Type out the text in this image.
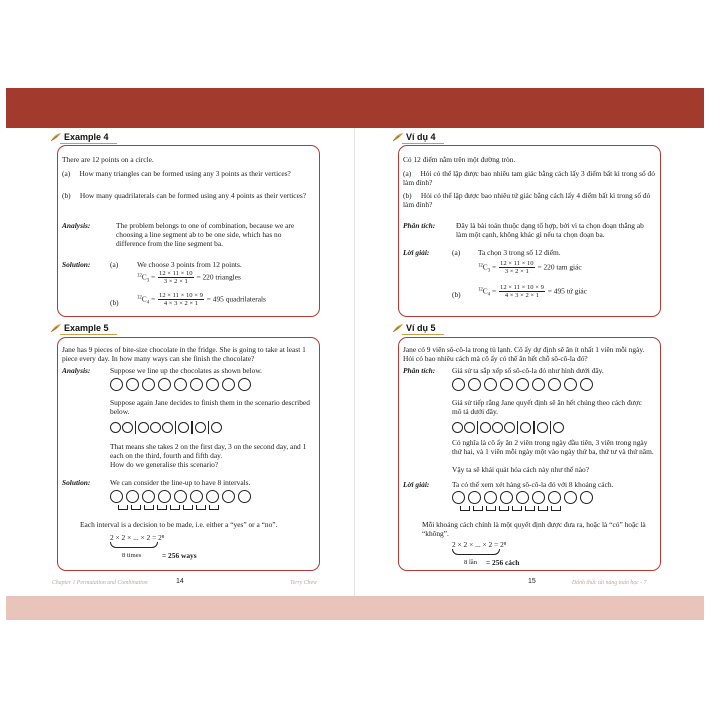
Example 4
There are 12 points on a circle.
(a)     How many triangles can be formed using any 3 points as their vertices?
(b)     How many quadrilaterals can be formed using any 4 points as their vertices?
Analysis:	The problem belongs to one of combination, because we are choosing a line segment ab to be one side, which has no difference from the line segment ba.
Solution:	(a)	We choose 3 points from 12 points.
$^{12}C_3 = \frac{12 \times 11 \times 10}{3 \times 2 \times 1} = 220$ triangles
(b)	$^{12}C_4 = \frac{12 \times 11 \times 10 \times 9}{4 \times 3 \times 2 \times 1} = 495$ quadrilaterals
Example 5
Jane has 9 pieces of bite-size chocolate in the fridge. She is going to take at least 1 piece every day. In how many ways can she finish the chocolate?
Analysis:	Suppose we line up the chocolates as shown below.
Suppose again Jane decides to finish them in the scenario described below.
That means she takes 2 on the first day, 3 on the second day, and 1 each on the third, fourth and fifth day.
How do we generalise this scenario?
Solution:	We can consider the line-up to have 8 intervals.
Each interval is a decision to be made, i.e. either a “yes” or a “no”.
2 × 2 × ... × 2 = 2⁸
8 times	= 256 ways
Chapter 1 Permutation and Combination	14	Terry Chew
Ví dụ 4
Có 12 điểm nằm trên một đường tròn.
(a)     Hỏi có thể lập được bao nhiêu tam giác bằng cách lấy 3 điểm bất kì trong số đó làm đỉnh?
(b)     Hỏi có thể lập được bao nhiêu tứ giác bằng cách lấy 4 điểm bất kì trong số đó làm đỉnh?
Phân tích:	Đây là bài toán thuộc dạng tổ hợp, bởi vì ta chọn đoạn thẳng ab làm một cạnh, không khác gì nếu ta chọn đoạn ba.
Lời giải:	(a) Ta chọn 3 trong số 12 điểm.
$^{12}C_3 = \frac{12 \times 11 \times 10}{3 \times 2 \times 1} = 220$ tam giác
(b)	$^{12}C_4 = \frac{12 \times 11 \times 10 \times 9}{4 \times 3 \times 2 \times 1} = 495$ tứ giác
Ví dụ 5
Jane có 9 viên sô-cô-la trong tủ lạnh. Cô ấy dự định sẽ ăn ít nhất 1 viên mỗi ngày. Hỏi có bao nhiêu cách mà cô ấy có thể ăn hết chỗ sô-cô-la đó?
Phân tích: Giả sử ta sắp xếp số sô-cô-la đó như hình dưới đây.
Giả sử tiếp rằng Jane quyết định sẽ ăn hết chúng theo cách được mô tả dưới đây.
Có nghĩa là cô ấy ăn 2 viên trong ngày đầu tiên, 3 viên trong ngày thứ hai, và 1 viên mỗi ngày một vào ngày thứ ba, thứ tư và thứ năm.
Vậy ta sẽ khái quát hóa cách này như thế nào?
Lời giải:	Ta có thể xem xét hàng sô-cô-la đó với 8 khoảng cách.
Mỗi khoảng cách chính là một quyết định được đưa ra, hoặc là “có” hoặc là “không”.
2 × 2 × ... × 2 = 2⁸
8 lần = 256 cách
15	Đánh thức tài năng toán học - 7
